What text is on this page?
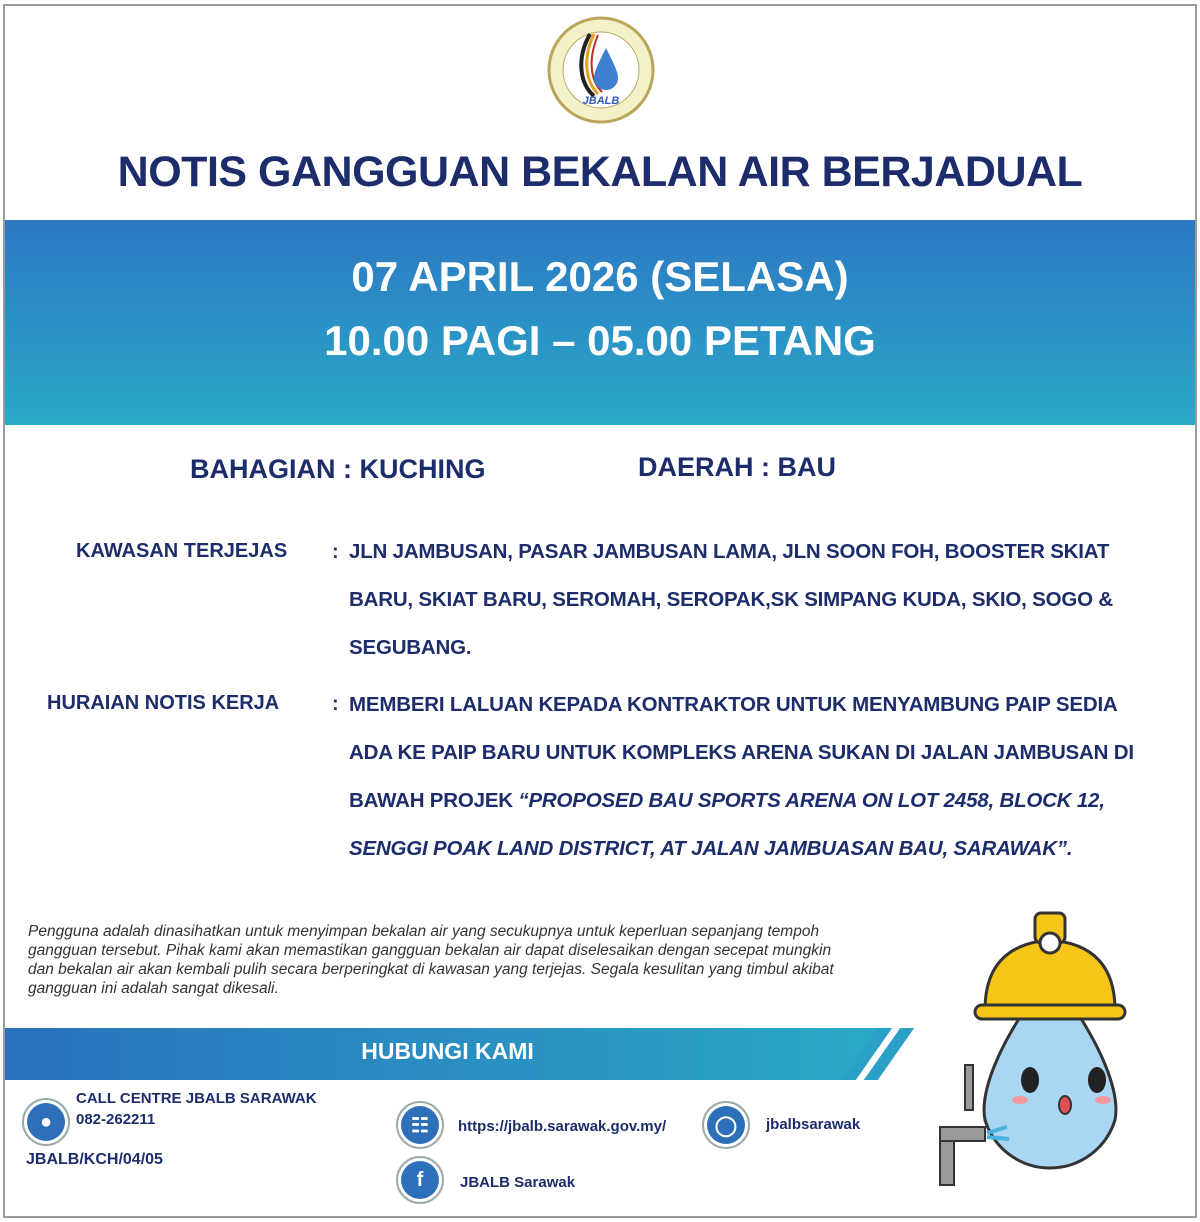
JBALB
NOTIS GANGGUAN BEKALAN AIR BERJADUAL
07 APRIL 2026 (SELASA)
10.00 PAGI – 05.00 PETANG
BAHAGIAN : KUCHING	DAERAH : BAU
KAWASAN TERJEJAS : JLN JAMBUSAN, PASAR JAMBUSAN LAMA, JLN SOON FOH, BOOSTER SKIAT BARU, SKIAT BARU, SEROMAH, SEROPAK,SK SIMPANG KUDA, SKIO, SOGO & SEGUBANG.
HURAIAN NOTIS KERJA	: MEMBERI LALUAN KEPADA KONTRAKTOR UNTUK MENYAMBUNG PAIP SEDIA ADA KE PAIP BARU UNTUK KOMPLEKS ARENA SUKAN DI JALAN JAMBUSAN DI BAWAH PROJEK “PROPOSED BAU SPORTS ARENA ON LOT 2458, BLOCK 12, SENGGI POAK LAND DISTRICT, AT JALAN JAMBUASAN BAU, SARAWAK”.
Pengguna adalah dinasihatkan untuk menyimpan bekalan air yang secukupnya untuk keperluan sepanjang tempoh gangguan tersebut. Pihak kami akan memastikan gangguan bekalan air dapat diselesaikan dengan secepat mungkin dan bekalan air akan kembali pulih secara berperingkat di kawasan yang terjejas. Segala kesulitan yang timbul akibat gangguan ini adalah sangat dikesali.
HUBUNGI KAMI
●
CALL CENTRE JBALB SARAWAK
082-262211
JBALB/KCH/04/05
☷	https://jbalb.sarawak.gov.my/	◯	jbalbsarawak
f	JBALB Sarawak
